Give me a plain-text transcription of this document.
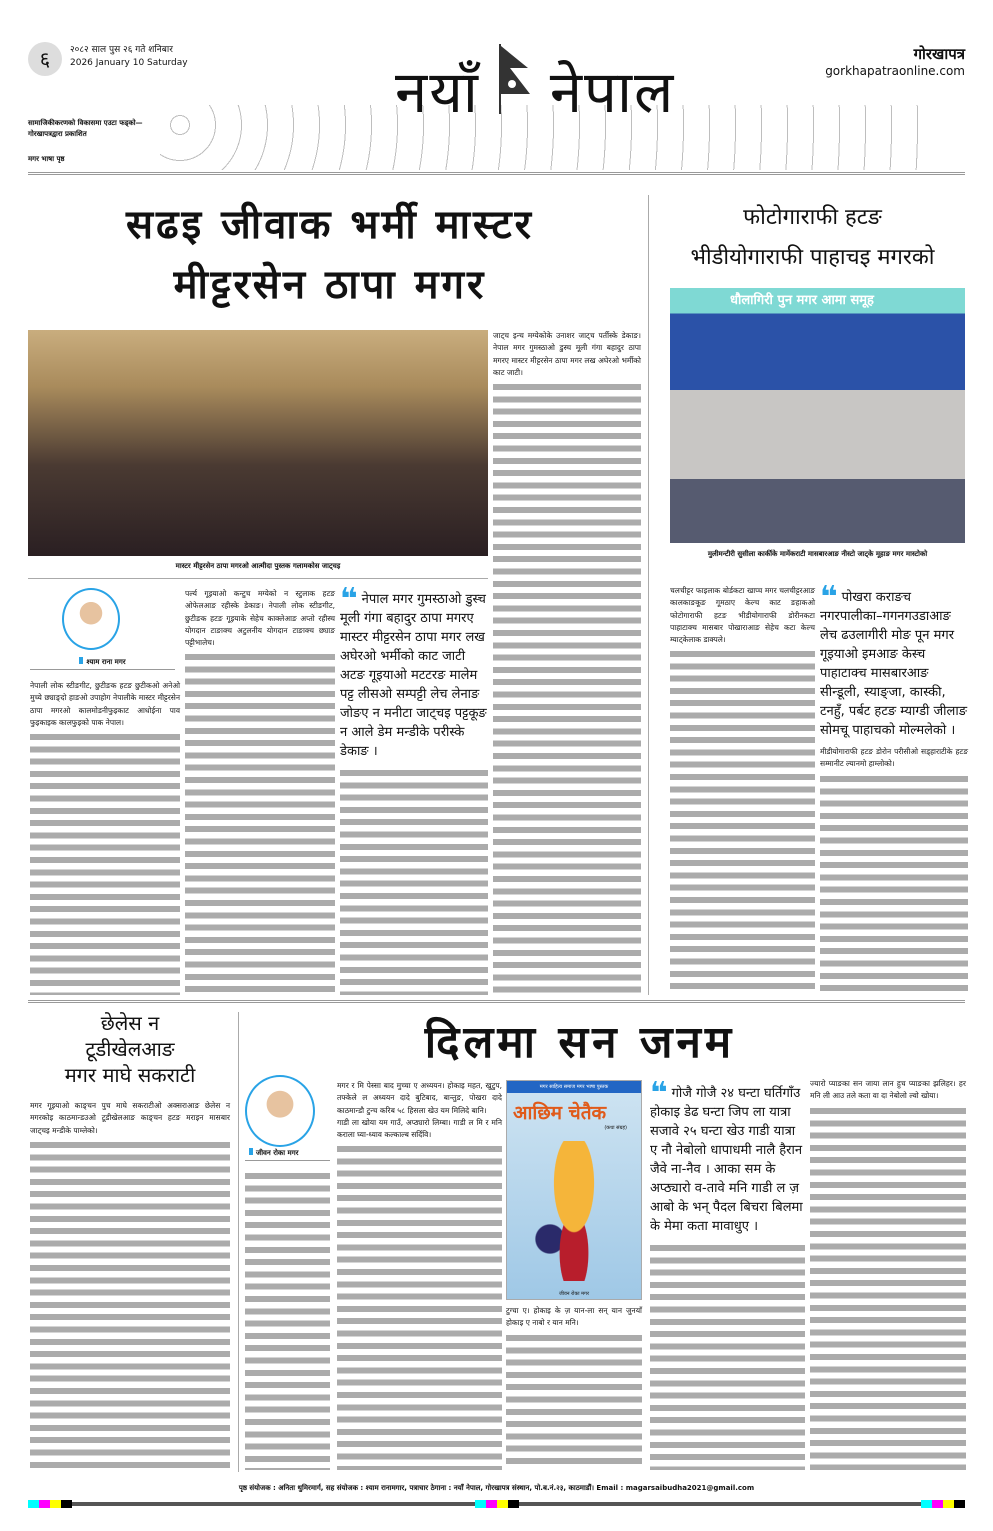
६	२०८२ साल पुस २६ गते शनिबार
2026 January 10 Saturday	नयाँ नेपाल
गोरखापत्र
gorkhapatraonline.com
सामाजिकीकरणको विकासमा एउटा फड्को—गोरखापत्रद्वारा प्रकाशित
मगर भाषा पृष्ठ
सढइ जीवाक भर्मी मास्टर
मीट्टरसेन ठापा मगर
फोटोगाराफी हटङ
भीडीयोगाराफी पाहाचइ मगरको
मास्टर मीट्टरसेन ठापा मगरओ आत्मीदा पुस्तक गलामकोस जाट्चइ
जाट्च इन्च मग्येकोके उनाशर जाट्च पर्तीस्के डेकाङ। नेपाल मगर गुमस्ठाओ डुस्च मूली गंगा बहादुर ठापा मगरए मास्टर मीट्टरसेन ठापा मगर लख अघेरओ भर्मीको काट जाटी।
धौलागिरी पुन मगर आमा समूह
मुलीमन्टीरी सुसीला कार्कीके मार्मेकराटी मासबारआङ नीस्टो जाट्के मूहाङ मगर मास्टोको
श्याम राना मगर
नेपाली लोक स्टीङगीट, छुटीङक हटङ छुटीकओ अनेओ मुच्ये छ्याङ्दो हाङओ उपाहोग नेपालीके मास्टर मीट्टरसेन ठापा मगरओ कालमोडनीफुइकाट आधोईना पाव फुइकाइक कालफुइको पाक नेपाल।
पर्ल्य गूइयाओ कन्टुच मग्येको न स्टुलाक हटङ ओफेलआङ रहीस्के डेकाङ। नेपाली लोक स्टीङगीट, छुटीङक हटङ गूइयाके सेहेच काक्लेआङ अप्तो रहीस्च योगदान टाङाक्च अटुलनीय योगदान टाङाक्च छ्याङ पट्टीभालेच।
❝ नेपाल मगर गुमस्ठाओ डुस्च मूली गंगा बहादुर ठापा मगरए मास्टर मीट्टरसेन ठापा मगर लख अघेरओ भर्मीको काट जाटी अटङ गूइयाओ मटटरङ मालेम पट्ट लीसओ सम्पट्टी लेच लेनाङ जोङए न मनीटा जाट्चइ पट्टकूङ न आले डेम मन्डीके परीस्के डेकाङ ।
चलचीट्टर फाइलाक बोर्डकटा खाप्च मगर चलचीट्टरआङ कालकाङकूङ गूमठाए केल्च काट ङहाकओ फोटोगाराफी हटङ भीडीयोगाराफी डोरीनकटा पाहाटाक्च मासबार पोखाराआङ सेहेच कटा केल्च म्याट्केलाक डाक्पले।
❝ पोखरा कराङच नगरपालीका–गगनगउडाआङ लेच ढउलागीरी मोङ पून मगर गूइयाओ इमआङ केस्च पाहाटाक्च मासबारआङ सीन्डूली, स्याङ्जा, कास्की, टनहुँ, पर्बट हटङ म्याग्डी जीलाङ सोमचू पाहाचको मोल्मलेको ।
मीडीयोगाराफी हटङ डोरोन परीसीओ सड्हाराटीके हटङ सम्मानीट ल्यानमो हाम्लोको।
छेलेस न
टूडीखेलआङ
मगर माघे सकराटी
मगर गूइयाओ काङ्चन पुच माघे सकराटीओ अक्सराआङ छेलेस न मगरकोइ काठमान्डउओ टूडीखेलआङ काङ्चन हटङ मराइन मासबार जाट्चइ मन्डीके पाम्लेको।
दिलमा सन जनम
जीवन रोका मगर
मगर र मि पेस्सा बाद मुच्चा ए अध्ययन। होकाइ महत, खुटुप, तफ्केले ल अध्ययन दादे बुटिबाद, बान्तुङ, पोखरा दादे काठमान्डौ टुन्च करिब ५८ हिसला खेउ यम मिलिदे बानि।
गाडी ला खोया यम गाउँ, अप्ठ्यारो लिम्बा। गाडी ल मि र मनि कराला घ्या-ध्याव कल्काल्ब सर्दिवि।
मगर साहित्य समाज मगर भाषा पुस्तक
आछिम चेतैक
(कथा संग्रह)
जीवन रोका मगर
टुग्चा ए। होकाइ के ज़ यान-ला सन् यान जुनयाँ होकाइ ए नाबो र यान मनि।
❝ गोजै गोजै २४ घन्टा घर्तिगाँउ होकाइ डेढ घन्टा जिप ला यात्रा सजावे २५ घन्टा खेउ गाडी यात्रा ए नौ नेबोलो धापाधमी नालै हैरान जैवे ना-नैव । आका सम के अप्ठ्यारो व-तावे मनि गाडी ल ज़ आबो के भन् पैदल बिचरा बिलमा के मेमा कता मावाधुए ।
ज्यारो प्याङका सन जाया लान हुच प्याङका झलिहर। हर मनि ली आउ तले कता वा दा नेबोलो ल्वो खोया।
पृष्ठ संयोजक : अनिता थुमिरमार्ग, सह संयोजक : श्याम रानामगार, पत्राचार ठेगाना : नयाँ नेपाल, गोरखापत्र संस्थान, पो.ब.नं.२३, काठमाडौं। Email : magarsaibudha2021@gmail.com
